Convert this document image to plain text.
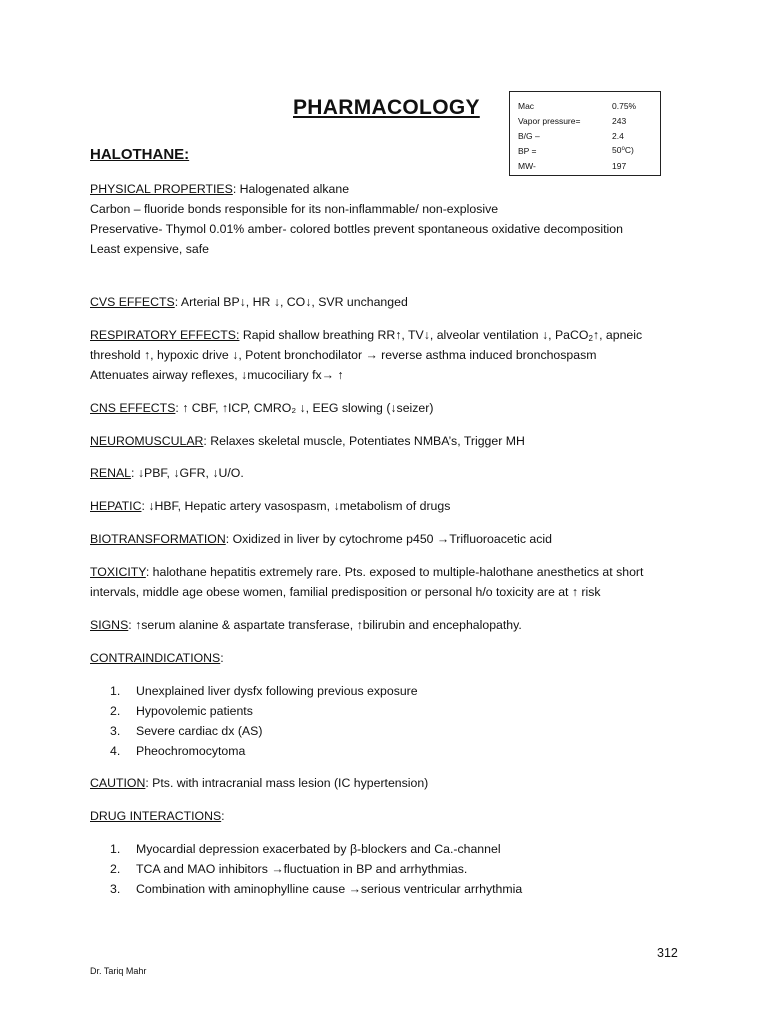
PHARMACOLOGY	Mac	0.75%
Vapor pressure=	243
B/G –	2.4
BP =	50⁰C)
MW-	197
HALOTHANE:
PHYSICAL PROPERTIES: Halogenated alkane
Carbon – fluoride bonds responsible for its non-inflammable/ non-explosive
Preservative- Thymol 0.01% amber- colored bottles prevent spontaneous oxidative decomposition
Least expensive, safe
CVS EFFECTS: Arterial BP↓, HR ↓, CO↓, SVR unchanged
RESPIRATORY EFFECTS: Rapid shallow breathing RR↑, TV↓, alveolar ventilation ↓, PaCO$_2$↑, apneic
threshold ↑, hypoxic drive ↓, Potent bronchodilator → reverse asthma induced bronchospasm
Attenuates airway reflexes, ↓mucociliary fx→ ↑
CNS EFFECTS: ↑ CBF, ↑ICP, CMRO₂ ↓, EEG slowing (↓seizer)
NEUROMUSCULAR: Relaxes skeletal muscle, Potentiates NMBA’s, Trigger MH
RENAL: ↓PBF, ↓GFR, ↓U/O.
HEPATIC: ↓HBF, Hepatic artery vasospasm, ↓metabolism of drugs
BIOTRANSFORMATION: Oxidized in liver by cytochrome p450 →Trifluoroacetic acid
TOXICITY: halothane hepatitis extremely rare. Pts. exposed to multiple-halothane anesthetics at short
intervals, middle age obese women, familial predisposition or personal h/o toxicity are at ↑ risk
SIGNS: ↑serum alanine & aspartate transferase, ↑bilirubin and encephalopathy.
CONTRAINDICATIONS:
1.	Unexplained liver dysfx following previous exposure
2.	Hypovolemic patients
3.	Severe cardiac dx (AS)
4.	Pheochromocytoma
CAUTION: Pts. with intracranial mass lesion (IC hypertension)
DRUG INTERACTIONS:
1.	Myocardial depression exacerbated by β-blockers and Ca.-channel
2.	TCA and MAO inhibitors →fluctuation in BP and arrhythmias.
3.	Combination with aminophylline cause →serious ventricular arrhythmia
312
Dr. Tariq Mahr
